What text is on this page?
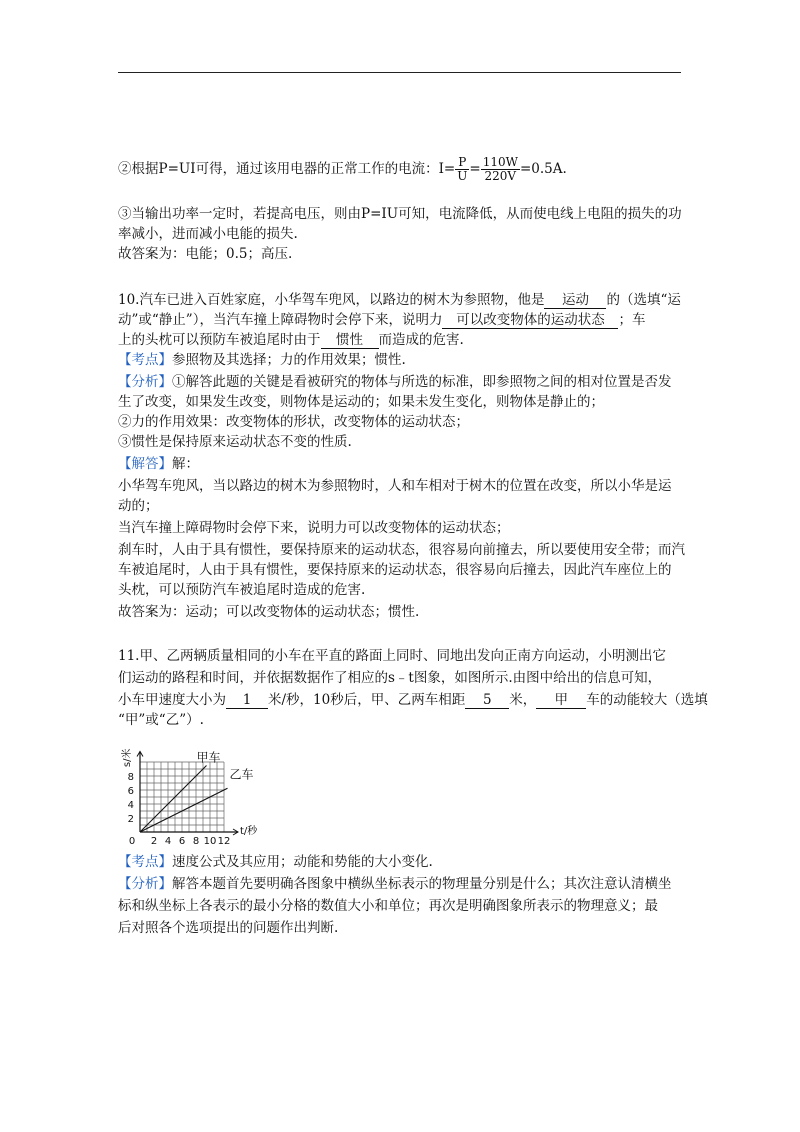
②根据P=UI可得，通过该用电器的正常工作的电流：$I= \frac{P}{U} = \frac{110W}{220V} =0.5A$.
③当输出功率一定时，若提高电压，则由P=IU可知，电流降低，从而使电线上电阻的损失的功
率减小，进而减小电能的损失.
故答案为：电能；0.5；高压.
10.汽车已进入百姓家庭，小华驾车兜风，以路边的树木为参照物，他是 运动 的（选填“运
动”或“静止”），当汽车撞上障碍物时会停下来，说明力 可以改变物体的运动状态 ；车
上的头枕可以预防车被追尾时由于 惯性 而造成的危害.
【考点】参照物及其选择；力的作用效果；惯性.
【分析】①解答此题的关键是看被研究的物体与所选的标准，即参照物之间的相对位置是否发
生了改变，如果发生改变，则物体是运动的；如果未发生变化，则物体是静止的；
②力的作用效果：改变物体的形状，改变物体的运动状态；
③惯性是保持原来运动状态不变的性质.
【解答】解：
小华驾车兜风，当以路边的树木为参照物时，人和车相对于树木的位置在改变，所以小华是运
动的；
当汽车撞上障碍物时会停下来，说明力可以改变物体的运动状态；
刹车时，人由于具有惯性，要保持原来的运动状态，很容易向前撞去，所以要使用安全带；而汽
车被追尾时，人由于具有惯性，要保持原来的运动状态，很容易向后撞去，因此汽车座位上的
头枕，可以预防汽车被追尾时造成的危害.
故答案为：运动；可以改变物体的运动状态；惯性.
11.甲、乙两辆质量相同的小车在平直的路面上同时、同地出发向正南方向运动，小明测出它
们运动的路程和时间，并依据数据作了相应的s﹣t图象，如图所示.由图中给出的信息可知，
小车甲速度大小为 1 米/秒，10秒后，甲、乙两车相距 5 米， 甲 车的动能较大（选填
“甲”或“乙”）.
2 4 6 8 10 12
2
4
6
8
0
t/秒
s/米	甲车
乙车
【考点】速度公式及其应用；动能和势能的大小变化.
【分析】解答本题首先要明确各图象中横纵坐标表示的物理量分别是什么；其次注意认清横坐
标和纵坐标上各表示的最小分格的数值大小和单位；再次是明确图象所表示的物理意义；最
后对照各个选项提出的问题作出判断.
